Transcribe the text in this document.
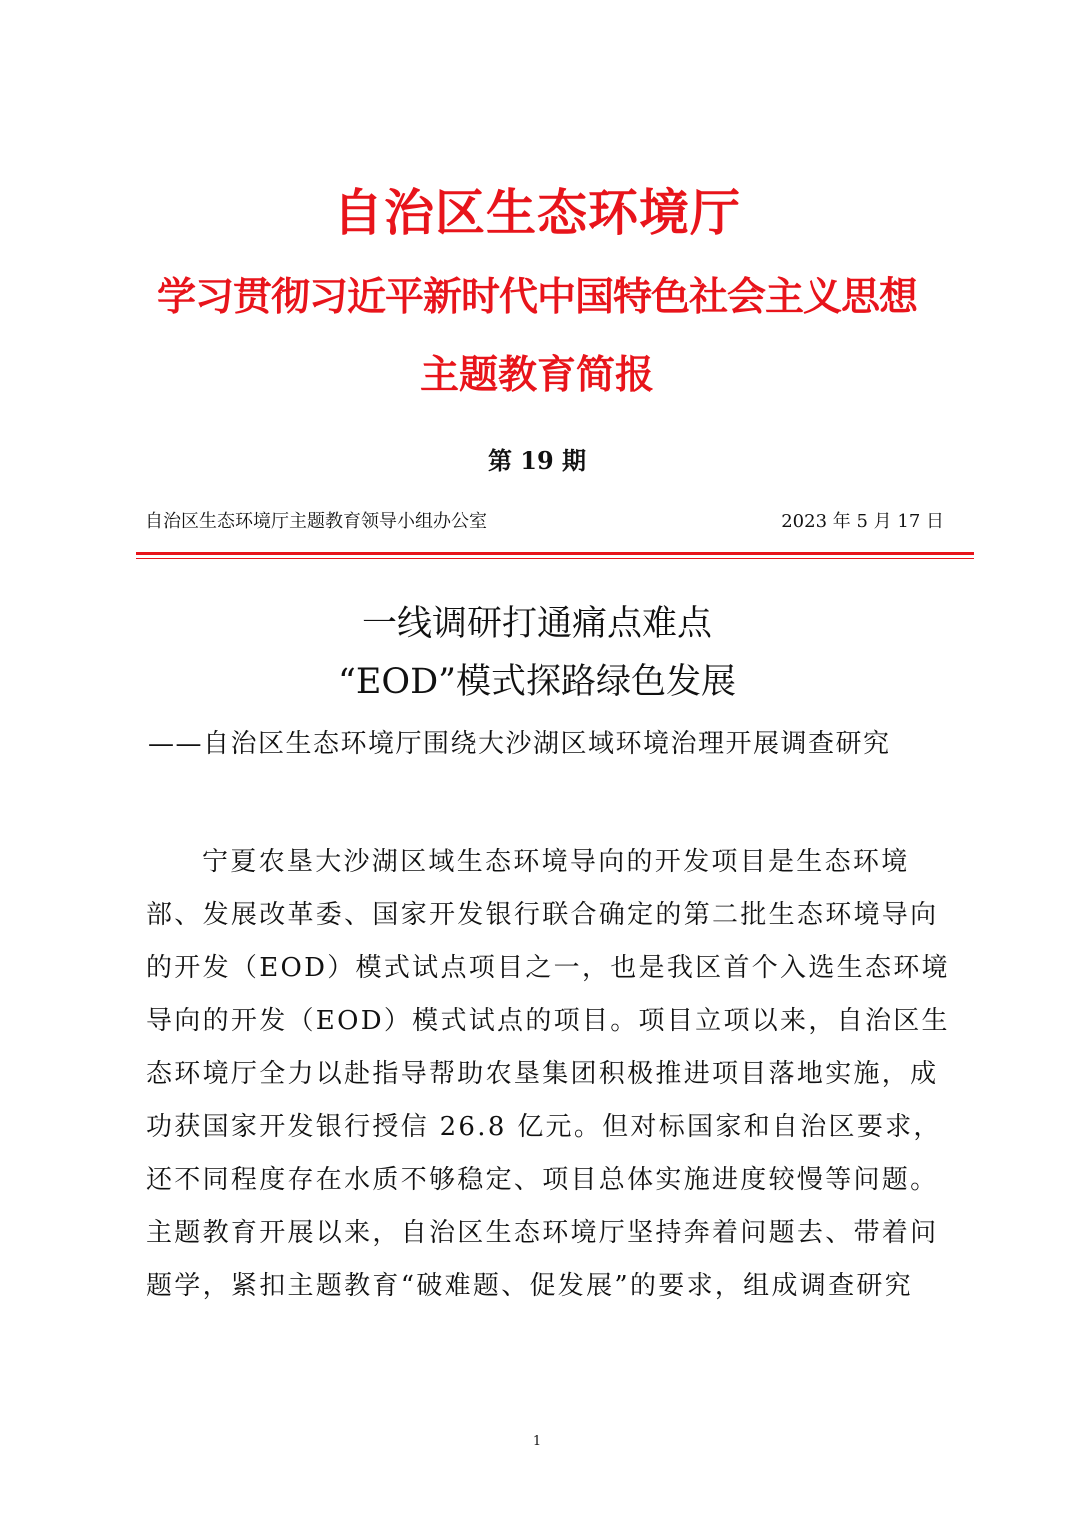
自治区生态环境厅
学习贯彻习近平新时代中国特色社会主义思想
主题教育简报
第 19 期
自治区生态环境厅主题教育领导小组办公室	2023 年 5 月 17 日
一线调研打通痛点难点
“EOD”模式探路绿色发展
——自治区生态环境厅围绕大沙湖区域环境治理开展调查研究
宁夏农垦大沙湖区域生态环境导向的开发项目是生态环境
部、发展改革委、国家开发银行联合确定的第二批生态环境导向
的开发（EOD）模式试点项目之一，也是我区首个入选生态环境
导向的开发（EOD）模式试点的项目。项目立项以来，自治区生
态环境厅全力以赴指导帮助农垦集团积极推进项目落地实施，成
功获国家开发银行授信 26.8 亿元。但对标国家和自治区要求，
还不同程度存在水质不够稳定、项目总体实施进度较慢等问题。
主题教育开展以来，自治区生态环境厅坚持奔着问题去、带着问
题学，紧扣主题教育“破难题、促发展”的要求，组成调查研究
1
